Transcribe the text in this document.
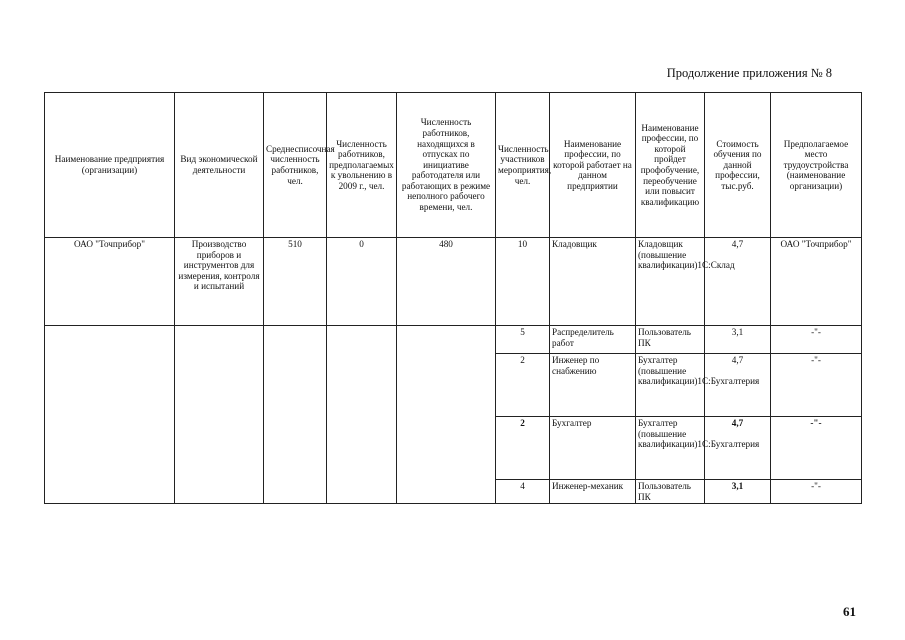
Продолжение приложения № 8
Наименование предприятия (организации)	Вид экономической деятельности	Среднесписочная численность работников, чел.	Численность работников, предполагаемых к увольнению в 2009 г., чел.	Численность работников, находящихся в отпусках по инициативе работодателя или работающих в режиме неполного рабочего времени, чел.	Численность участников мероприятия, чел.	Наименование профессии, по которой работает на данном предприятии	Наименование профессии, по которой пройдет профобучение, переобучение или повысит квалификацию	Стоимость обучения по данной профессии, тыс.руб.	Предполагаемое место трудоустройства (наименование организации)
ОАО "Точприбор"	Производство приборов и инструментов для измерения, контроля и испытаний	510	0	480	10	Кладовщик	Кладовщик (повышение квалификации)1С:Склад	4,7	ОАО "Точприбор"
					5	Распределитель работ	Пользователь ПК	3,1	-"-
					2	Инженер по снабжению	Бухгалтер (повышение квалификации)1С:Бухгалтерия	4,7	-"-
					2	Бухгалтер	Бухгалтер (повышение квалификации)1С:Бухгалтерия	4,7	-"-
					4	Инженер-механик	Пользователь ПК	3,1	-"-
61
